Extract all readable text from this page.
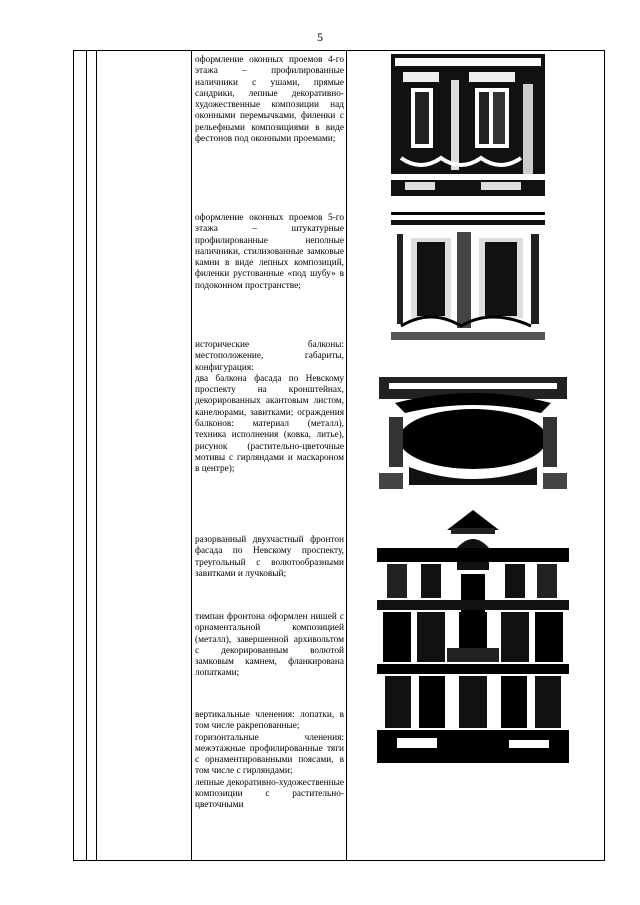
5

оформление оконных проемов 4-го этажа – профилированные наличники с ушами, прямые сандрики, лепные декоративно-художественные композиции над оконными перемычками, филенки с рельефными композициями в виде фестонов под оконными проемами;

оформление оконных проемов 5-го этажа – штукатурные профилированные неполные наличники, стилизованные замковые камни в виде лепных композиций, филенки рустованные «под шубу» в подоконном пространстве;

исторические балконы: местоположение, габариты, конфигурация:

два балкона фасада по Невскому проспекту на кронштейнах, декорированных акантовым листом, канелюрами, завитками; ограждения балконов: материал (металл), техника исполнения (ковка, литье), рисунок (растительно-цветочные мотивы с гирляндами и маскароном в центре);

разорванный двухчастный фронтон фасада по Невскому проспекту, треугольный с волютообразными завитками и лучковый;

тимпан фронтона оформлен нишей с орнаментальной композицией (металл), завершенной архивольтом с декорированным волютой замковым камнем, фланкирована лопатками;

вертикальные членения: лопатки, в том числе ракрепованные;

горизонтальные членения: межэтажные профилированные тяги с орнаментированными поясами, в том числе с гирляндами;

лепные декоративно-художественные композиции с растительно-цветочными
